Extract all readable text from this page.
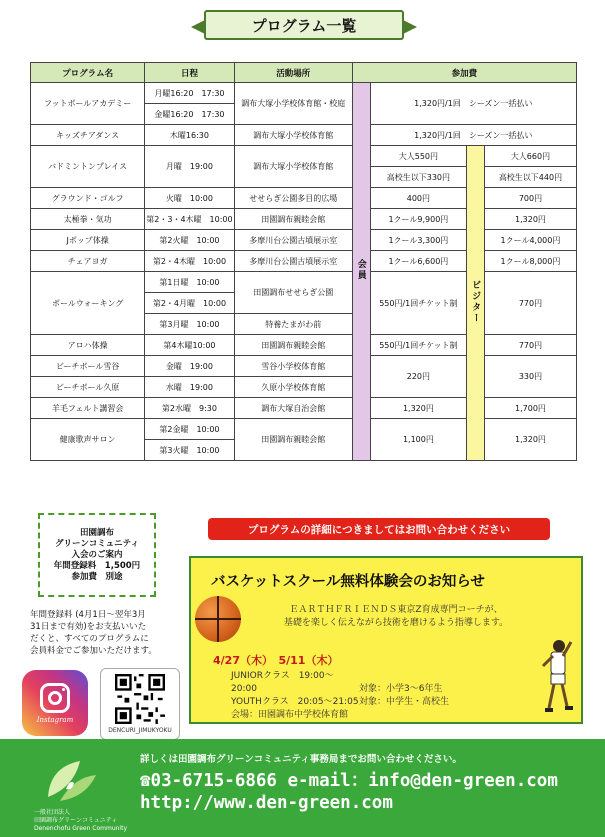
プログラム一覧
プログラム名	日程	活動場所	参加費			
フットボールアカデミー	月曜16:20　17:30	調布大塚小学校体育館・校庭	会員	1,320円/1回　シーズン一括払い		
	金曜16:20　17:30					
キッズチアダンス	木曜16:30	調布大塚小学校体育館		1,320円/1回　シーズン一括払い		
バドミントンプレイス	月曜　19:00	調布大塚小学校体育館		大人550円	ビジター	大人660円
				高校生以下330円		高校生以下440円
グラウンド・ゴルフ	火曜　10:00	せせらぎ公園多目的広場		400円		700円
太極拳・気功	第2・3・4木曜　10:00	田園調布親睦会館		1クール9,900円		1,320円
Jポップ体操	第2火曜　10:00	多摩川台公園古墳展示室		1クール3,300円		1クール4,000円
チェアヨガ	第2・4木曜　10:00	多摩川台公園古墳展示室		1クール6,600円		1クール8,000円
ポールウォーキング	第1日曜　10:00	田園調布せせらぎ公園		550円/1回チケット制		770円
	第2・4月曜　10:00					
	第3月曜　10:00	特養たまがわ前				
アロハ体操	第4木曜10:00	田園調布親睦会館		550円/1回チケット制		770円
ビーチボール雪谷	金曜　19:00	雪谷小学校体育館		220円		330円
ビーチボール久原	水曜　19:00	久原小学校体育館				
羊毛フェルト講習会	第2水曜　9:30	調布大塚自治会館		1,320円		1,700円
健康歌声サロン	第2金曜　10:00	田園調布親睦会館		1,100円		1,320円
	第3火曜　10:00					
田園調布
グリーンコミュニティ
入会のご案内
年間登録料　1,500円
参加費　別途
年間登録料 (4月1日～翌年3月
31日まで有効)をお支払いいた
だくと、すべてのプログラムに
会員料金でご参加いただけます。
Instagram
DENCURI_JIMUKYOKU
プログラムの詳細につきましてはお問い合わせください
バスケットスクール無料体験会のお知らせ
ＥＡＲＴＨＦＲＩＥＮＤＳ東京Z育成専門コーチが、
基礎を楽しく伝えながら技術を磨けるよう指導します。
4/27（木）　5/11（木）
JUNIORクラス　19:00～20:00	対象：小学3～6年生
YOUTHクラス　20:05～21:05対象：中学生・高校生
会場：田園調布中学校体育館
一般社団法人
田園調布グリーンコミュニティ
Denenchofu Green Community
詳しくは田園調布グリーンコミュニティ事務局までお問い合わせください。
☎03-6715-6866 e-mail：info@den-green.com
http://www.den-green.com
